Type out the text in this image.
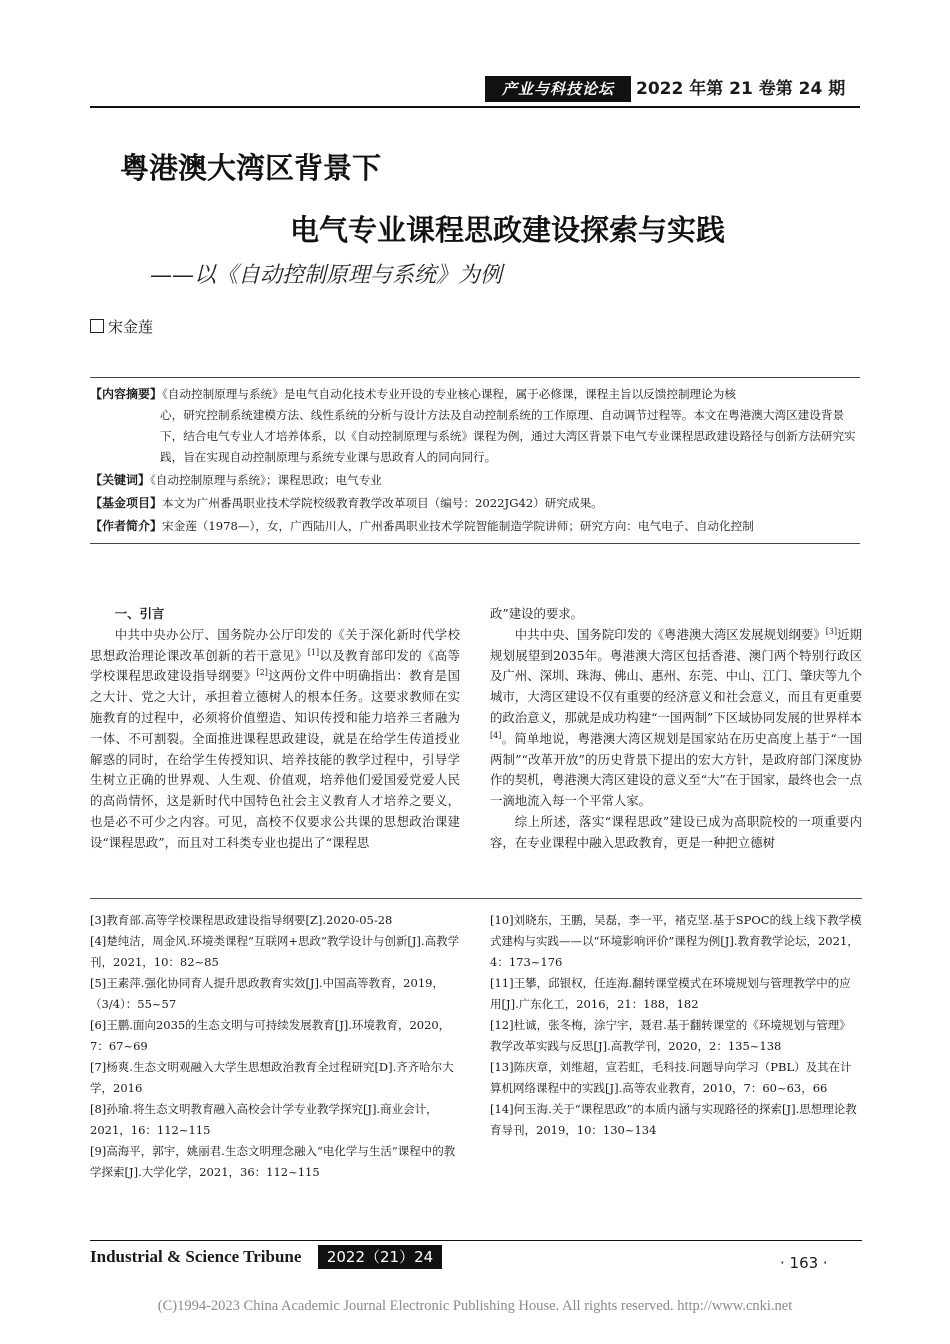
产业与科技论坛	2022 年第 21 卷第 24 期
粤港澳大湾区背景下
电气专业课程思政建设探索与实践
——以《自动控制原理与系统》为例
宋金莲
【内容摘要】《自动控制原理与系统》是电气自动化技术专业开设的专业核心课程，属于必修课，课程主旨以反馈控制理论为核
心，研究控制系统建模方法、线性系统的分析与设计方法及自动控制系统的工作原理、自动调节过程等。本文在粤港澳大湾区建设背景下，结合电气专业人才培养体系，以《自动控制原理与系统》课程为例，通过大湾区背景下电气专业课程思政建设路径与创新方法研究实践，旨在实现自动控制原理与系统专业课与思政育人的同向同行。
【关键词】《自动控制原理与系统》；课程思政；电气专业
【基金项目】本文为广州番禺职业技术学院校级教育教学改革项目（编号：2022JG42）研究成果。
【作者简介】宋金莲（1978—），女，广西陆川人，广州番禺职业技术学院智能制造学院讲师；研究方向：电气电子、自动化控制
一、引言

中共中央办公厅、国务院办公厅印发的《关于深化新时代学校思想政治理论课改革创新的若干意见》[1]以及教育部印发的《高等学校课程思政建设指导纲要》[2]这两份文件中明确指出：教育是国之大计、党之大计，承担着立德树人的根本任务。这要求教师在实施教育的过程中，必须将价值塑造、知识传授和能力培养三者融为一体、不可割裂。全面推进课程思政建设，就是在给学生传道授业解惑的同时，在给学生传授知识、培养技能的教学过程中，引导学生树立正确的世界观、人生观、价值观，培养他们爱国爱党爱人民的高尚情怀，这是新时代中国特色社会主义教育人才培养之要义，也是必不可少之内容。可见，高校不仅要求公共课的思想政治课建设“课程思政”，而且对工科类专业也提出了“课程思

政”建设的要求。

中共中央、国务院印发的《粤港澳大湾区发展规划纲要》[3]近期规划展望到2035年。粤港澳大湾区包括香港、澳门两个特别行政区及广州、深圳、珠海、佛山、惠州、东莞、中山、江门、肇庆等九个城市，大湾区建设不仅有重要的经济意义和社会意义，而且有更重要的政治意义，那就是成功构建“一国两制”下区域协同发展的世界样本[4]。简单地说，粤港澳大湾区规划是国家站在历史高度上基于“一国两制”“改革开放”的历史背景下提出的宏大方针，是政府部门深度协作的契机，粤港澳大湾区建设的意义至“大”在于国家，最终也会一点一滴地流入每一个平常人家。

综上所述，落实“课程思政”建设已成为高职院校的一项重要内容，在专业课程中融入思政教育，更是一种把立德树

[3]教育部.高等学校课程思政建设指导纲要[Z].2020-05-28
[4]楚纯洁，周金风.环境类课程“互联网+思政”教学设计与创新[J].高教学刊，2021，10：82~85
[5]王素萍.强化协同育人提升思政教育实效[J].中国高等教育，2019，（3/4）：55~57
[6]王鹏.面向2035的生态文明与可持续发展教育[J].环境教育，2020，7：67~69
[7]杨爽.生态文明观融入大学生思想政治教育全过程研究[D].齐齐哈尔大学，2016
[8]孙瑜.将生态文明教育融入高校会计学专业教学探究[J].商业会计，2021，16：112~115
[9]高海平，郭宇，姚丽君.生态文明理念融入“电化学与生活”课程中的教学探索[J].大学化学，2021，36：112~115
[10]刘晓东，王鹏，吴磊，李一平，褚克坚.基于SPOC的线上线下教学模式建构与实践——以“环境影响评价”课程为例[J].教育教学论坛，2021，4：173~176
[11]王攀，邱银权，任连海.翻转课堂模式在环境规划与管理教学中的应用[J].广东化工，2016，21：188，182
[12]杜诚，张冬梅，涂宁宇，聂君.基于翻转课堂的《环境规划与管理》教学改革实践与反思[J].高教学刊，2020，2：135~138
[13]陈庆章，刘维超，宣若虹，毛科技.问题导向学习（PBL）及其在计算机网络课程中的实践[J].高等农业教育，2010，7：60~63，66
[14]何玉海.关于“课程思政”的本质内涵与实现路径的探索[J].思想理论教育导刊，2019，10：130~134
Industrial & Science Tribune	2022（21）24	· 163 ·
(C)1994-2023 China Academic Journal Electronic Publishing House. All rights reserved. http://www.cnki.net
